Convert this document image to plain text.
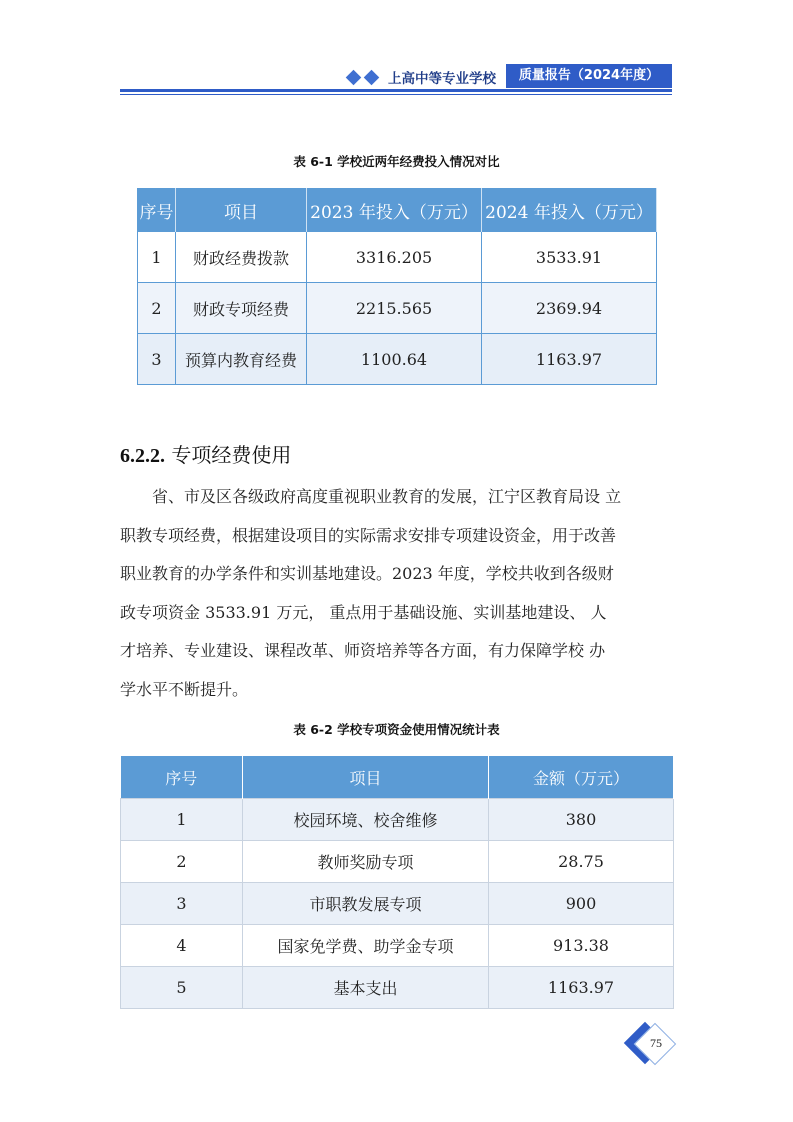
上高中等专业学校	质量报告（2024年度）
表 6-1 学校近两年经费投入情况对比
序号	项目	2023 年投入（万元）	2024 年投入（万元）
1	财政经费拨款	3316.205	3533.91
2	财政专项经费	2215.565	2369.94
3	预算内教育经费	1100.64	1163.97
6.2.2. 专项经费使用
　　省、市及区各级政府高度重视职业教育的发展，江宁区教育局设 立
职教专项经费，根据建设项目的实际需求安排专项建设资金，用于改善
职业教育的办学条件和实训基地建设。2023 年度，学校共收到各级财
政专项资金 3533.91 万元， 重点用于基础设施、实训基地建设、 人
才培养、专业建设、课程改革、师资培养等各方面，有力保障学校 办
学水平不断提升。
表 6-2 学校专项资金使用情况统计表
序号	项目	金额（万元）
1	校园环境、校舍维修	380
2	教师奖励专项	28.75
3	市职教发展专项	900
4	国家免学费、助学金专项	913.38
5	基本支出	1163.97
75
